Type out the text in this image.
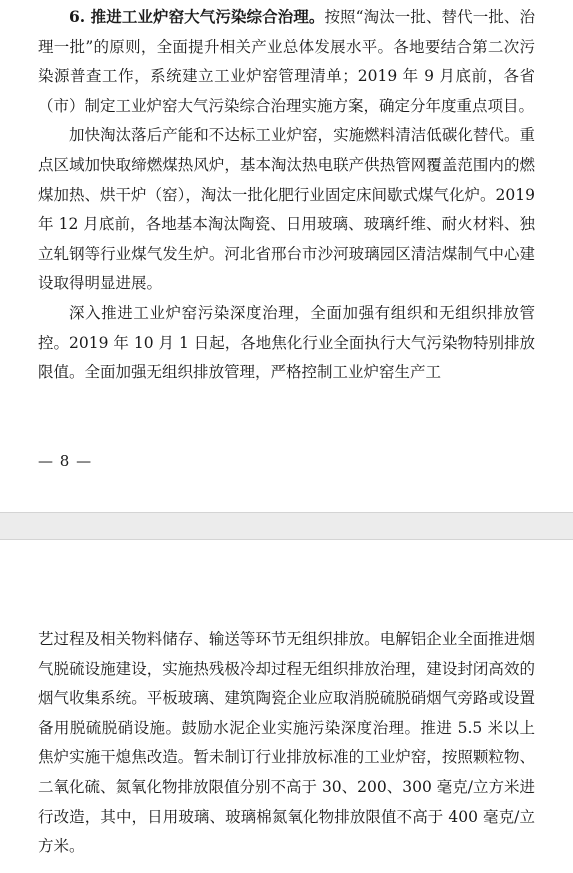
6. 推进工业炉窑大气污染综合治理。按照“淘汰一批、替代一批、治理一批”的原则，全面提升相关产业总体发展水平。各地要结合第二次污染源普查工作，系统建立工业炉窑管理清单；2019 年 9 月底前，各省（市）制定工业炉窑大气污染综合治理实施方案，确定分年度重点项目。

加快淘汰落后产能和不达标工业炉窑，实施燃料清洁低碳化替代。重点区域加快取缔燃煤热风炉，基本淘汰热电联产供热管网覆盖范围内的燃煤加热、烘干炉（窑），淘汰一批化肥行业固定床间歇式煤气化炉。2019 年 12 月底前，各地基本淘汰陶瓷、日用玻璃、玻璃纤维、耐火材料、独立轧钢等行业煤气发生炉。河北省邢台市沙河玻璃园区清洁煤制气中心建设取得明显进展。

深入推进工业炉窑污染深度治理，全面加强有组织和无组织排放管控。2019 年 10 月 1 日起，各地焦化行业全面执行大气污染物特别排放限值。全面加强无组织排放管理，严格控制工业炉窑生产工

— 8 —

艺过程及相关物料储存、输送等环节无组织排放。电解铝企业全面推进烟气脱硫设施建设，实施热残极冷却过程无组织排放治理，建设封闭高效的烟气收集系统。平板玻璃、建筑陶瓷企业应取消脱硫脱硝烟气旁路或设置备用脱硫脱硝设施。鼓励水泥企业实施污染深度治理。推进 5.5 米以上焦炉实施干熄焦改造。暂未制订行业排放标准的工业炉窑，按照颗粒物、二氧化硫、氮氧化物排放限值分别不高于 30、200、300 毫克/立方米进行改造，其中，日用玻璃、玻璃棉氮氧化物排放限值不高于 400 毫克/立方米。
